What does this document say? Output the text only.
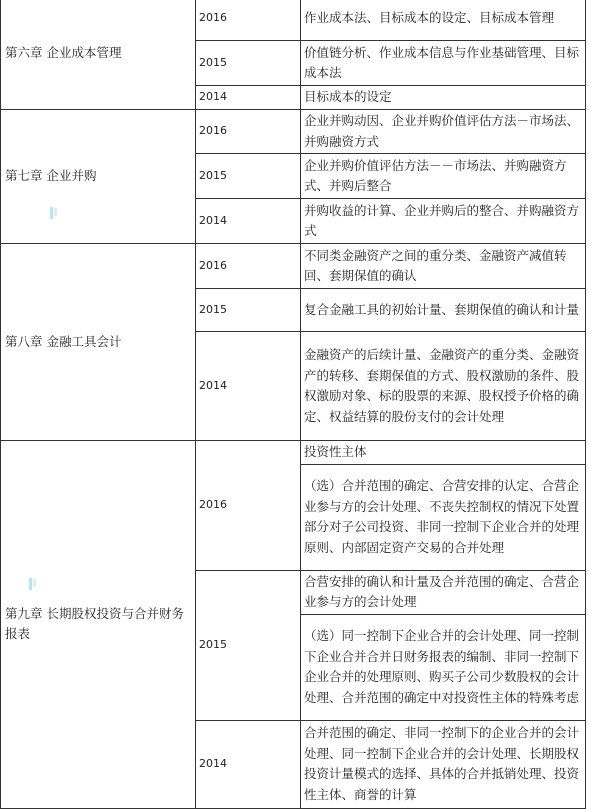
第六章 企业成本管理	2016	作业成本法、目标成本的设定、目标成本管理
	2015	价值链分析、作业成本信息与作业基础管理、目标成本法
	2014	目标成本的设定
第七章 企业并购	2016	企业并购动因、企业并购价值评估方法－市场法、并购融资方式
	2015	企业并购价值评估方法－－市场法、并购融资方式、并购后整合
	2014	并购收益的计算、企业并购后的整合、并购融资方式
第八章 金融工具会计	2016	不同类金融资产之间的重分类、金融资产减值转回、套期保值的确认
	2015	复合金融工具的初始计量、套期保值的确认和计量
	2014	金融资产的后续计量、金融资产的重分类、金融资产的转移、套期保值的方式、股权激励的条件、股权激励对象、标的股票的来源、股权授予价格的确定、权益结算的股份支付的会计处理
第九章 长期股权投资与合并财务报表	2016	投资性主体
		（选）合并范围的确定、合营安排的认定、合营企业参与方的会计处理、不丧失控制权的情况下处置部分对子公司投资、非同一控制下企业合并的处理原则、内部固定资产交易的合并处理
	2015	合营安排的确认和计量及合并范围的确定、合营企业参与方的会计处理
		（选）同一控制下企业合并的会计处理、同一控制下企业合并合并日财务报表的编制、非同一控制下企业合并的处理原则、购买子公司少数股权的会计处理、合并范围的确定中对投资性主体的特殊考虑
	2014	合并范围的确定、非同一控制下的企业合并的会计处理、同一控制下企业合并的会计处理、长期股权投资计量模式的选择、具体的合并抵销处理、投资性主体、商誉的计算
